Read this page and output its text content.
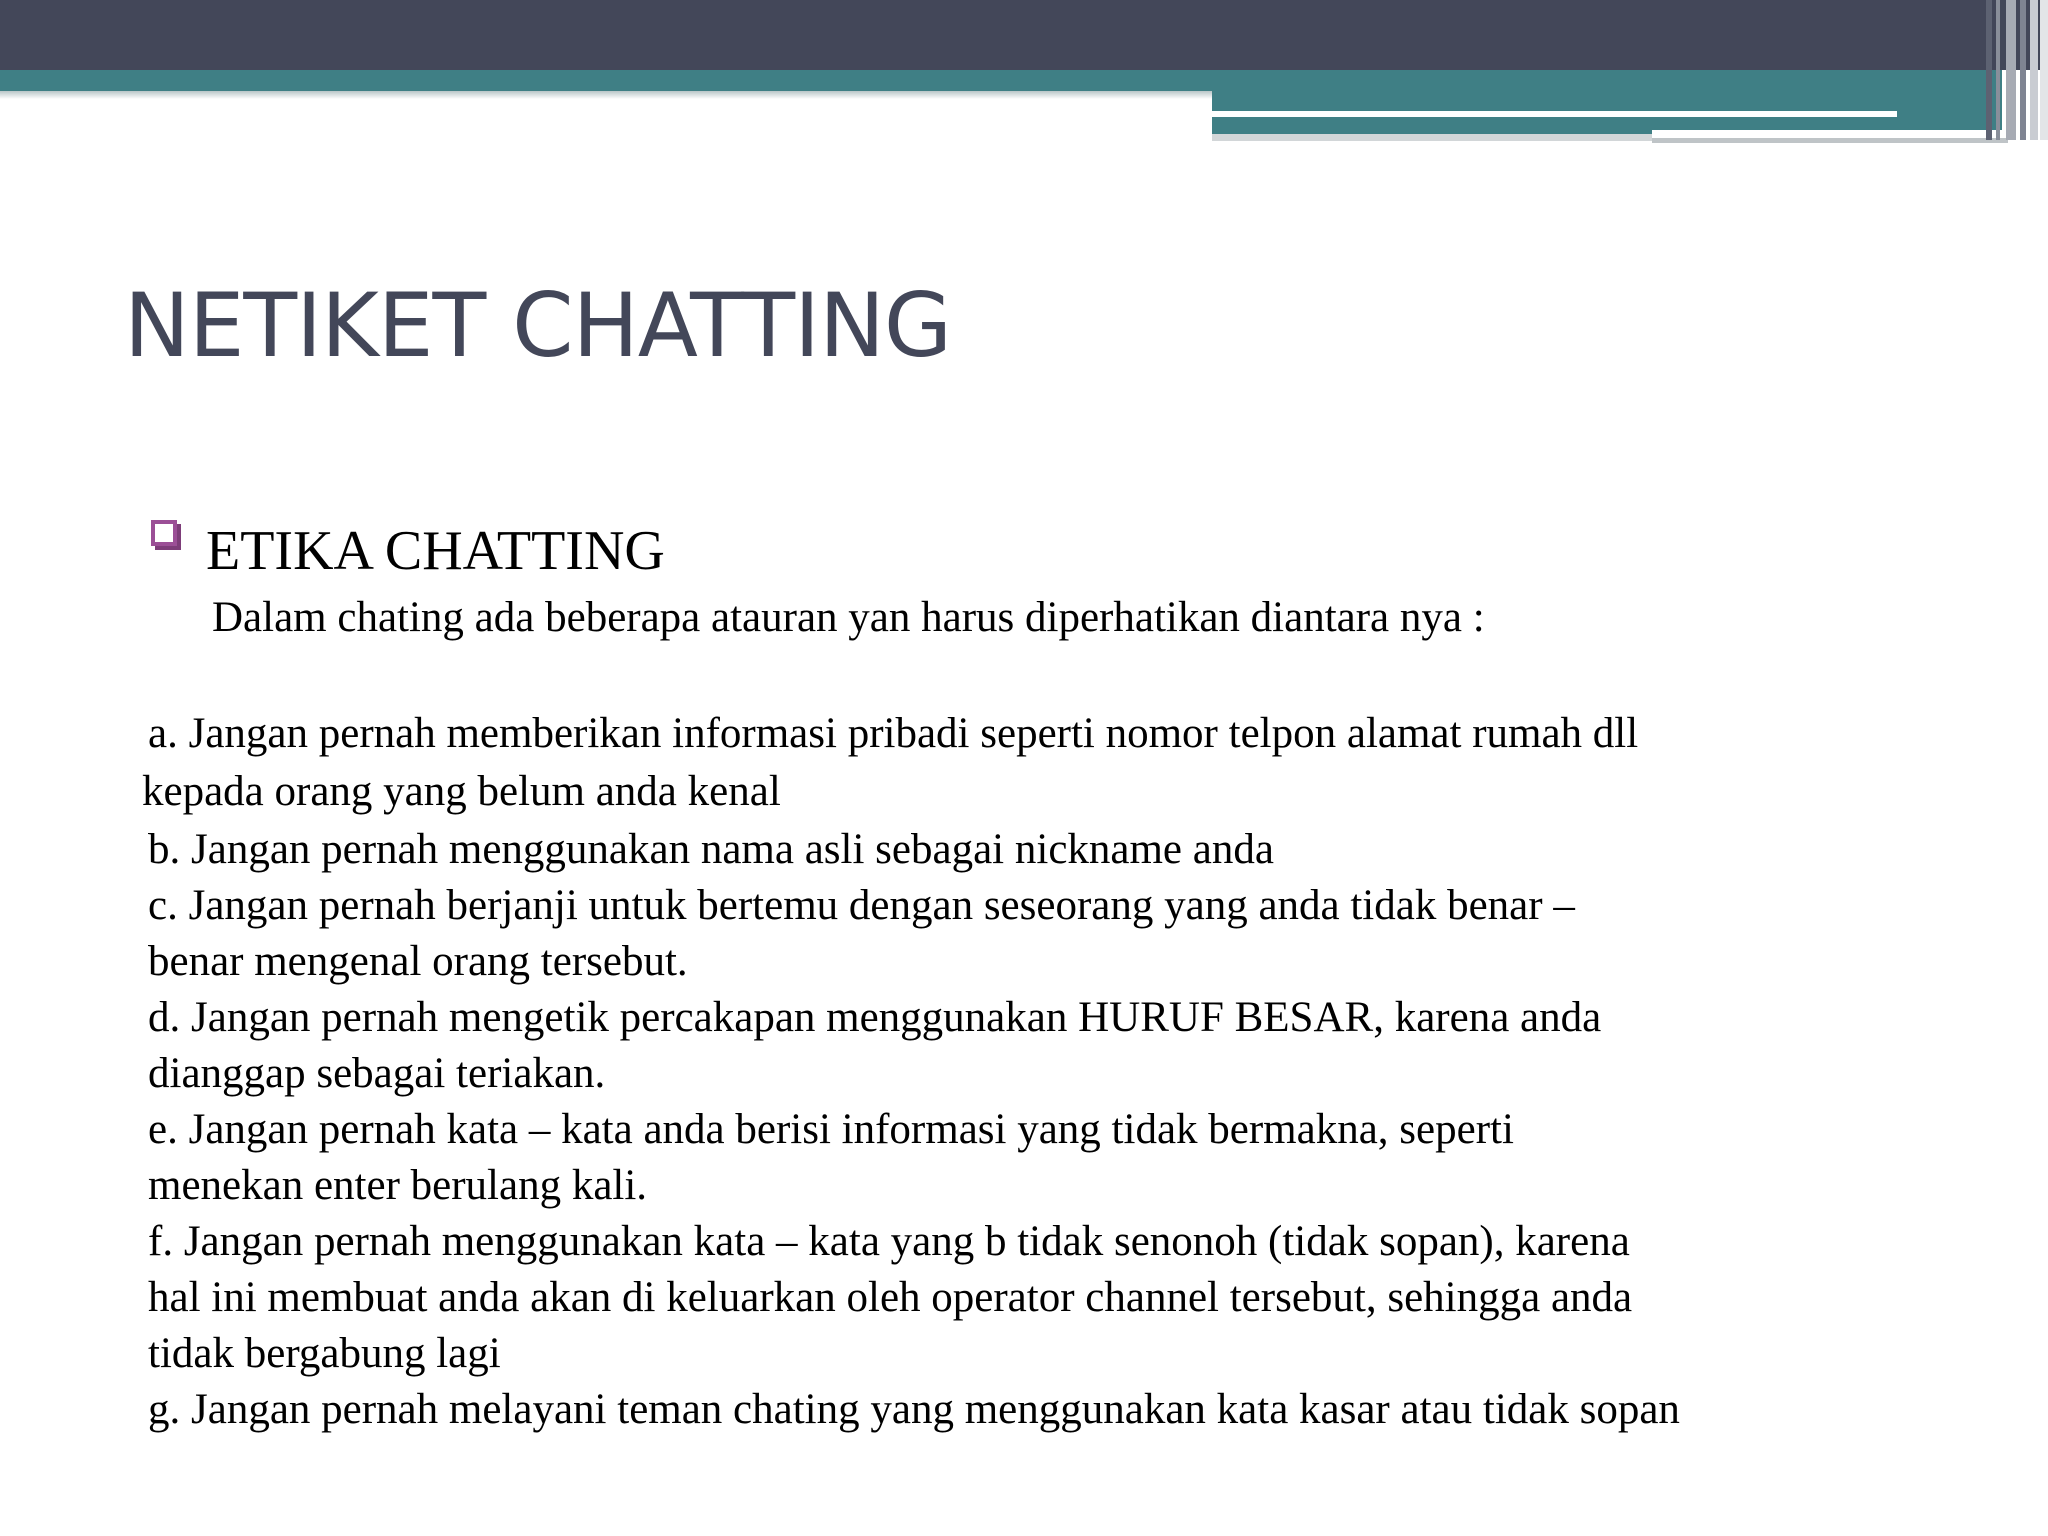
NETIKET CHATTING
ETIKA CHATTING

Dalam chating ada beberapa atauran yan harus diperhatikan diantara nya :

a. Jangan pernah memberikan informasi pribadi seperti nomor telpon alamat rumah dll
kepada orang yang belum anda kenal
b. Jangan pernah menggunakan nama asli sebagai nickname anda
c. Jangan pernah berjanji untuk bertemu dengan seseorang yang anda tidak benar –
benar mengenal orang tersebut.
d. Jangan pernah mengetik percakapan menggunakan HURUF BESAR, karena anda
dianggap sebagai teriakan.
e. Jangan pernah kata – kata anda berisi informasi yang tidak bermakna, seperti
menekan enter berulang kali.
f. Jangan pernah menggunakan kata – kata yang b tidak senonoh (tidak sopan), karena
hal ini membuat anda akan di keluarkan oleh operator channel tersebut, sehingga anda
tidak bergabung lagi
g. Jangan pernah melayani teman chating yang menggunakan kata kasar atau tidak sopan
